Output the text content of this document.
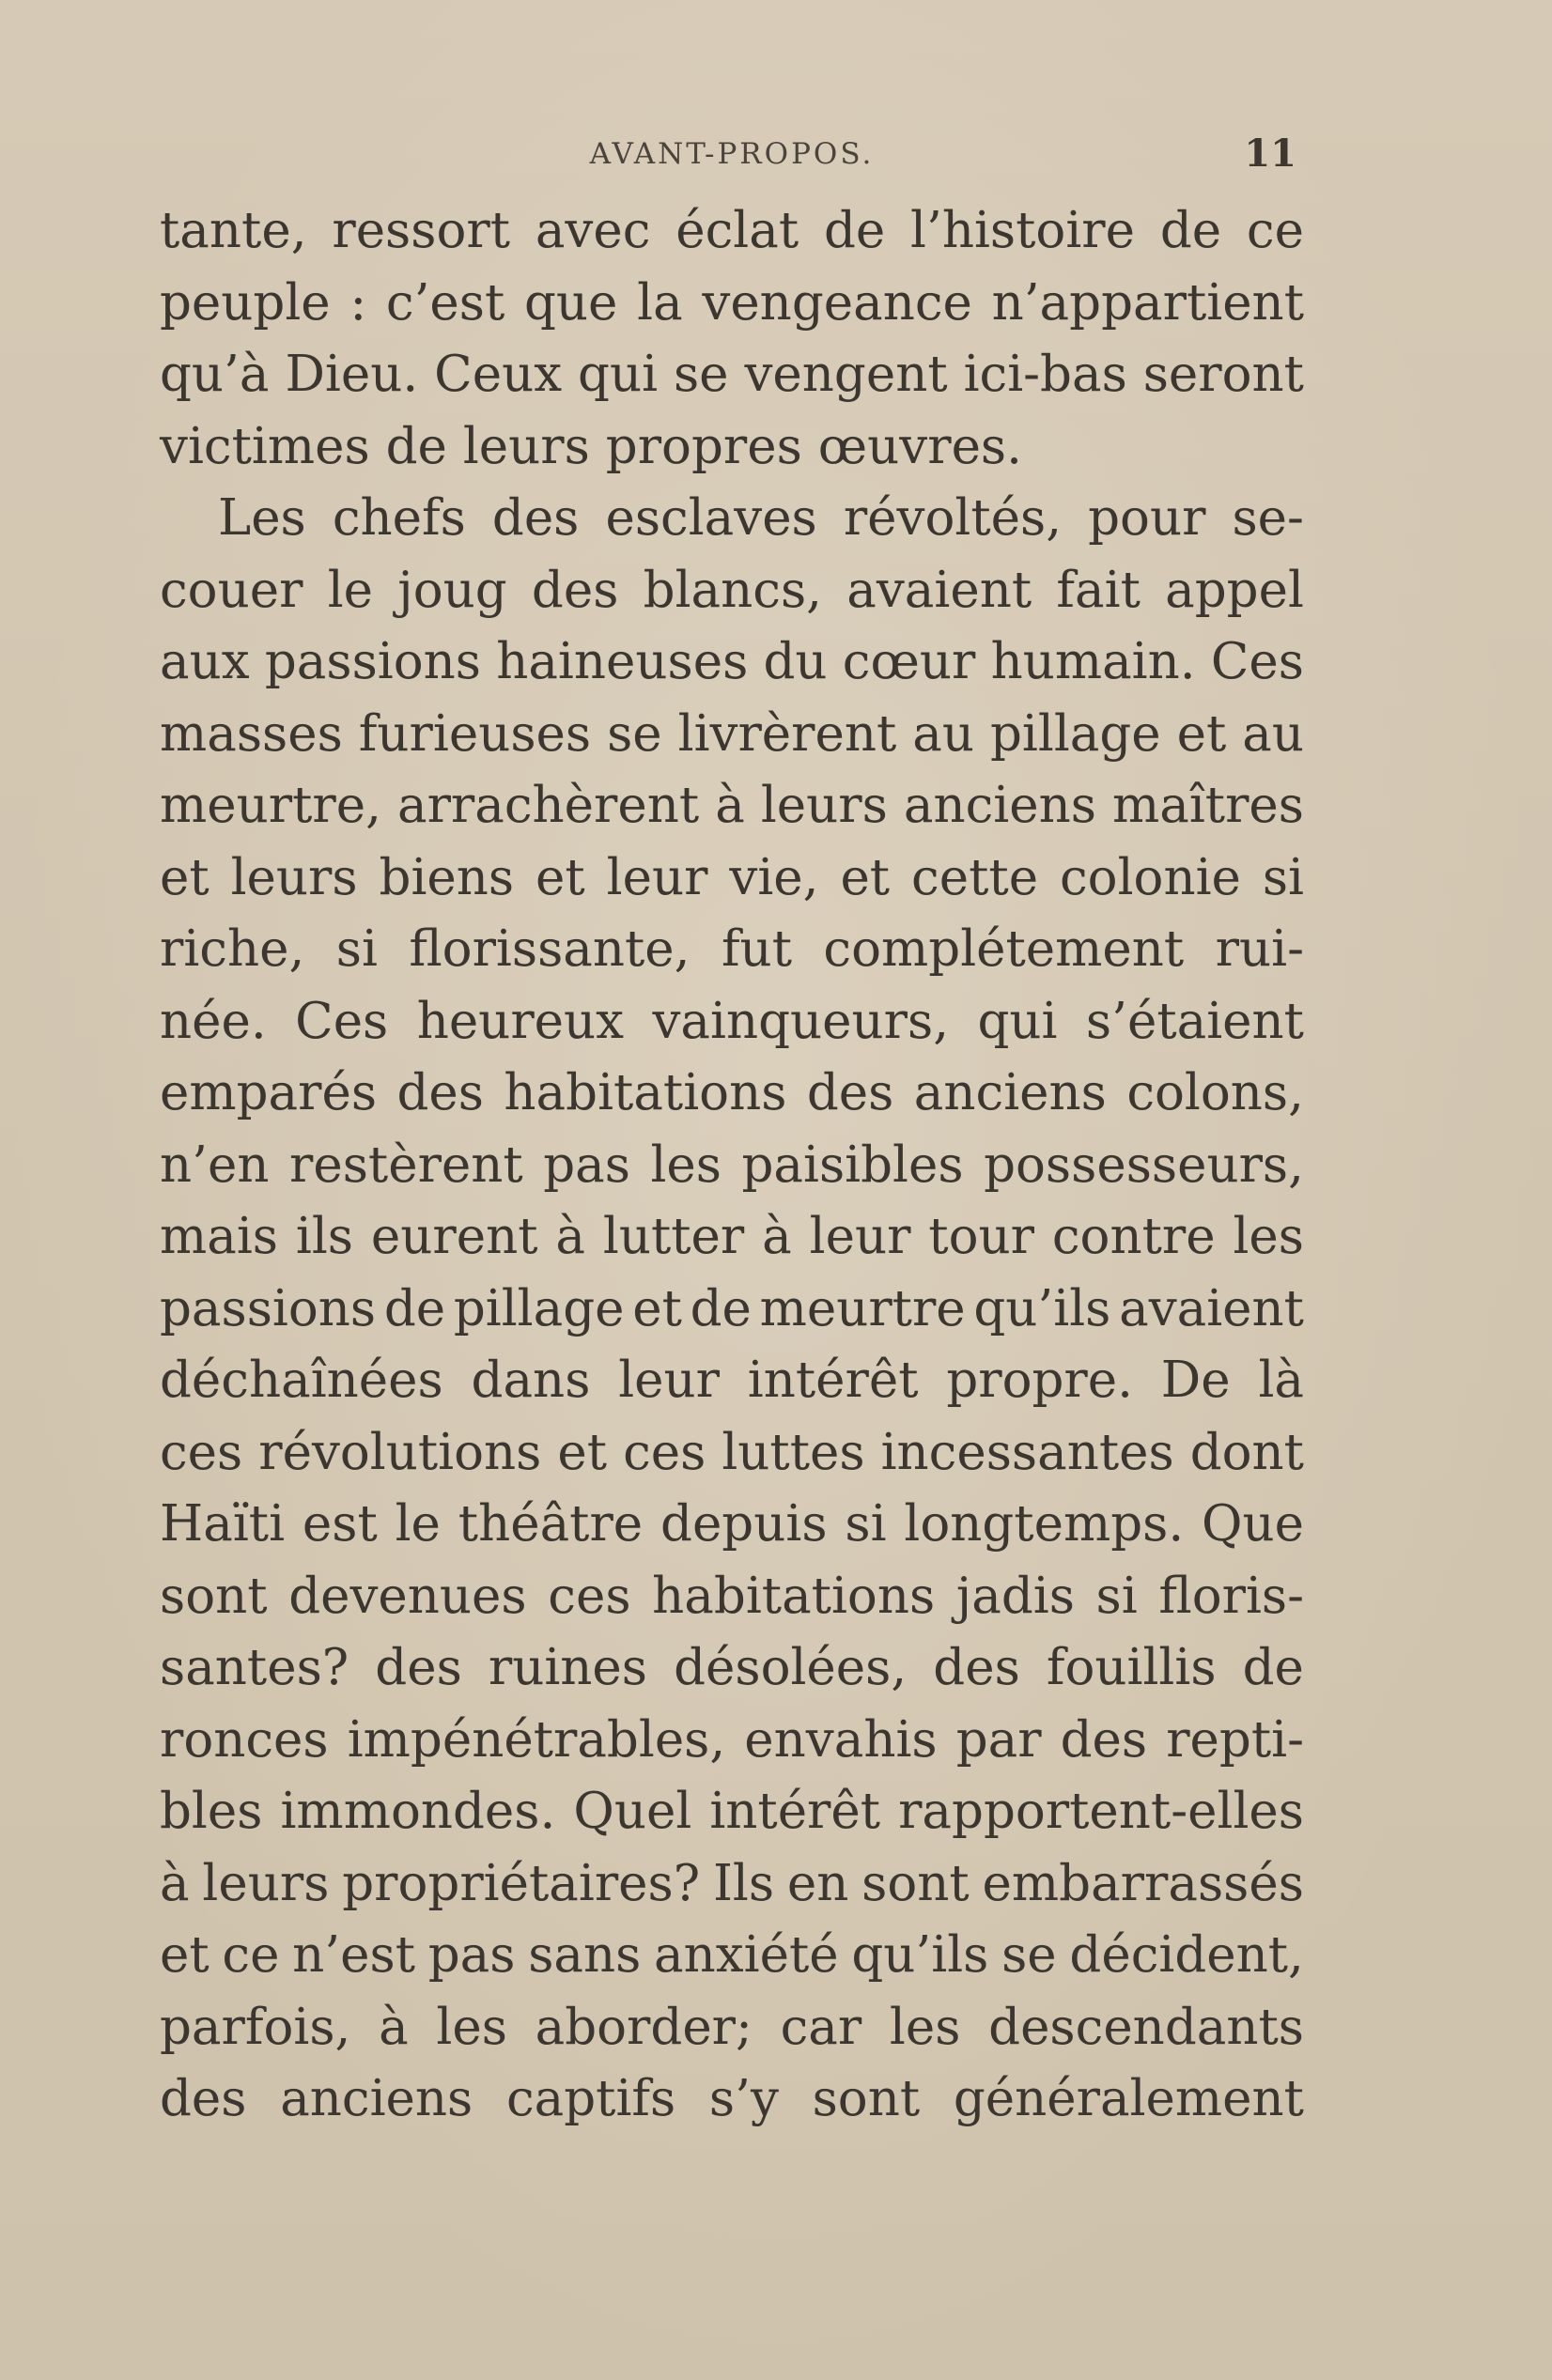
AVANT-PROPOS.	11
tante, ressort avec éclat de l’histoire de ce
peuple : c’est que la vengeance n’appartient
qu’à Dieu. Ceux qui se vengent ici-bas seront
victimes de leurs propres œuvres.
Les chefs des esclaves révoltés, pour se-
couer le joug des blancs, avaient fait appel
aux passions haineuses du cœur humain. Ces
masses furieuses se livrèrent au pillage et au
meurtre, arrachèrent à leurs anciens maîtres
et leurs biens et leur vie, et cette colonie si
riche, si florissante, fut complétement rui-
née. Ces heureux vainqueurs, qui s’étaient
emparés des habitations des anciens colons,
n’en restèrent pas les paisibles possesseurs,
mais ils eurent à lutter à leur tour contre les
passions de pillage et de meurtre qu’ils avaient
déchaînées dans leur intérêt propre. De là
ces révolutions et ces luttes incessantes dont
Haïti est le théâtre depuis si longtemps. Que
sont devenues ces habitations jadis si floris-
santes? des ruines désolées, des fouillis de
ronces impénétrables, envahis par des repti-
bles immondes. Quel intérêt rapportent-elles
à leurs propriétaires? Ils en sont embarrassés
et ce n’est pas sans anxiété qu’ils se décident,
parfois, à les aborder; car les descendants
des anciens captifs s’y sont généralement
